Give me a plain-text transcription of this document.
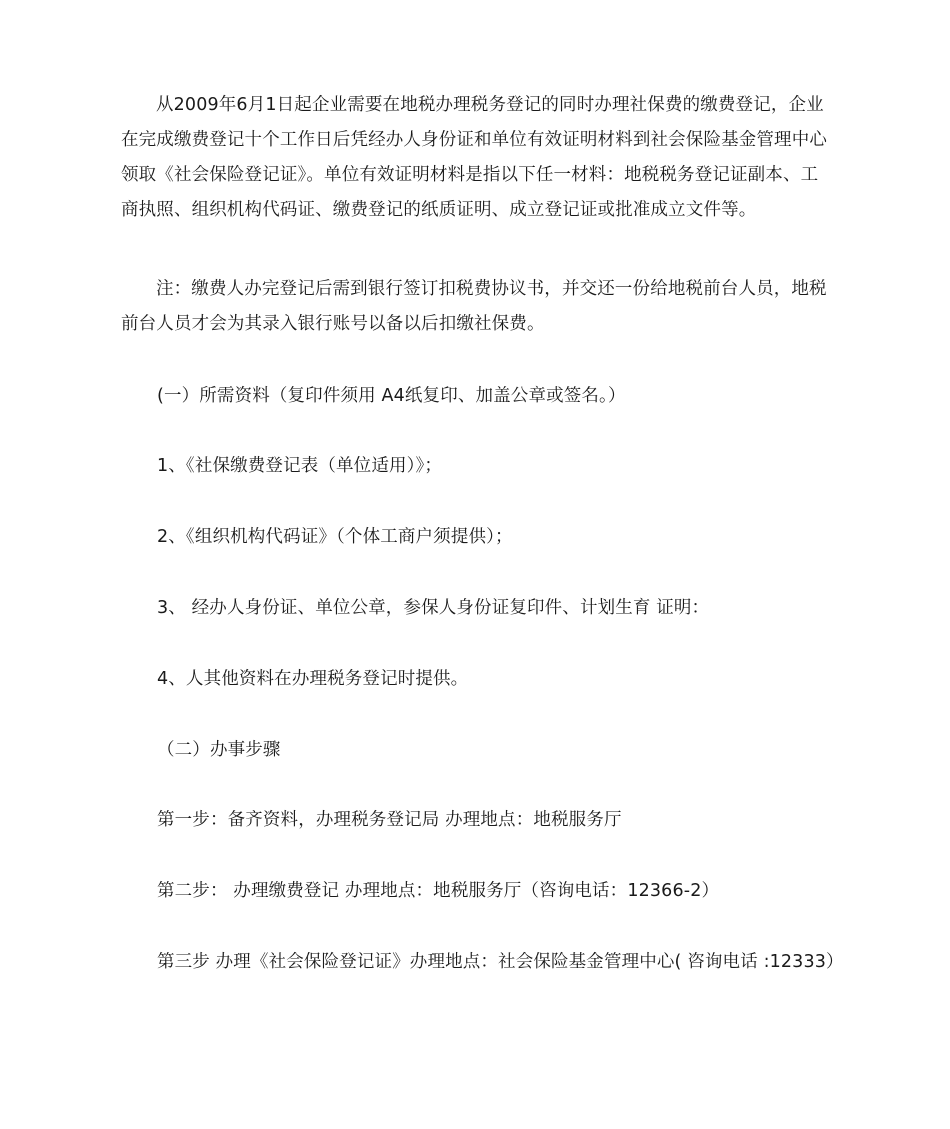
从2009年6月1日起企业需要在地税办理税务登记的同时办理社保费的缴费登记，企业在完成缴费登记十个工作日后凭经办人身份证和单位有效证明材料到社会保险基金管理中心领取《社会保险登记证》。单位有效证明材料是指以下任一材料：地税税务登记证副本、工商执照、组织机构代码证、缴费登记的纸质证明、成立登记证或批准成立文件等。

注：缴费人办完登记后需到银行签订扣税费协议书，并交还一份给地税前台人员，地税前台人员才会为其录入银行账号以备以后扣缴社保费。

(一）所需资料（复印件须用 A4纸复印、加盖公章或签名。）

1、《社保缴费登记表（单位适用）》；

2、《组织机构代码证》（个体工商户须提供）；

3、 经办人身份证、单位公章，参保人身份证复印件、计划生育 证明：

4、人其他资料在办理税务登记时提供。

（二）办事步骤

第一步：备齐资料，办理税务登记局 办理地点：地税服务厅

第二步： 办理缴费登记 办理地点：地税服务厅（咨询电话：12366-2）

第三步 办理《社会保险登记证》办理地点：社会保险基金管理中心( 咨询电话 :12333）
